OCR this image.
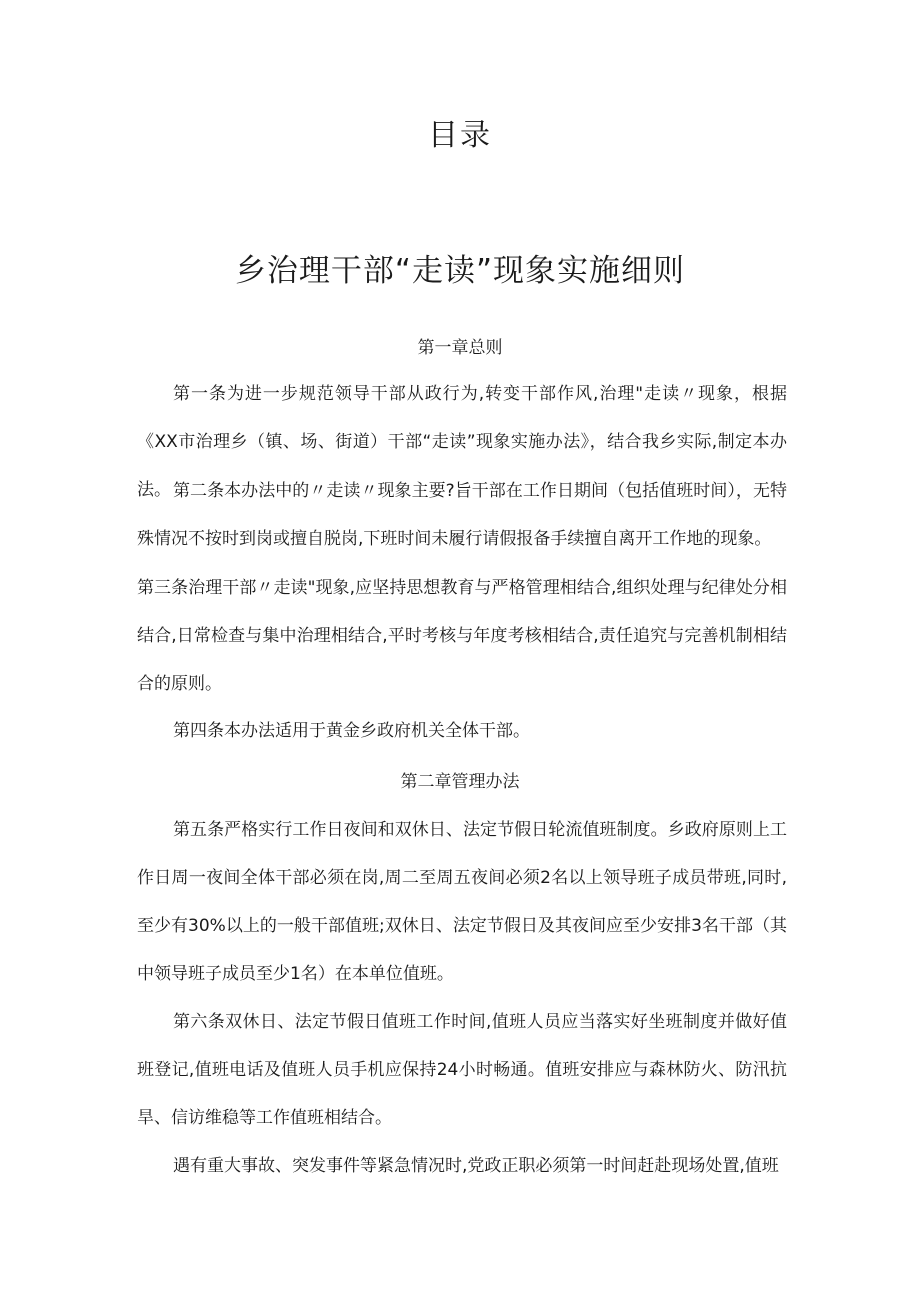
目录
乡治理干部“走读”现象实施细则
第一章总则

第一条为进一步规范领导干部从政行为,转变干部作风,治理"走读〃现象，根据《XX市治理乡（镇、场、街道）干部“走读”现象实施办法》，结合我乡实际,制定本办法。 第二条本办法中的〃走读〃现象主要?旨干部在工作日期间（包括值班时间），无特殊情况不按时到岗或擅自脱岗,下班时间未履行请假报备手续擅自离开工作地的现象。

第三条治理干部〃走读"现象,应坚持思想教育与严格管理相结合,组织处理与纪律处分相结合,日常检查与集中治理相结合,平时考核与年度考核相结合,责任追究与完善机制相结合的原则。

第四条本办法适用于黄金乡政府机关全体干部。

第二章管理办法

第五条严格实行工作日夜间和双休日、法定节假日轮流值班制度。乡政府原则上工作日周一夜间全体干部必须在岗,周二至周五夜间必须2名以上领导班子成员带班,同时,至少有30%以上的一般干部值班;双休日、法定节假日及其夜间应至少安排3名干部（其中领导班子成员至少1名）在本单位值班。

第六条双休日、法定节假日值班工作时间,值班人员应当落实好坐班制度并做好值班登记,值班电话及值班人员手机应保持24小时畅通。值班安排应与森林防火、防汛抗旱、信访维稳等工作值班相结合。

遇有重大事故、突发事件等紧急情况时,党政正职必须第一时间赶赴现场处置,值班
